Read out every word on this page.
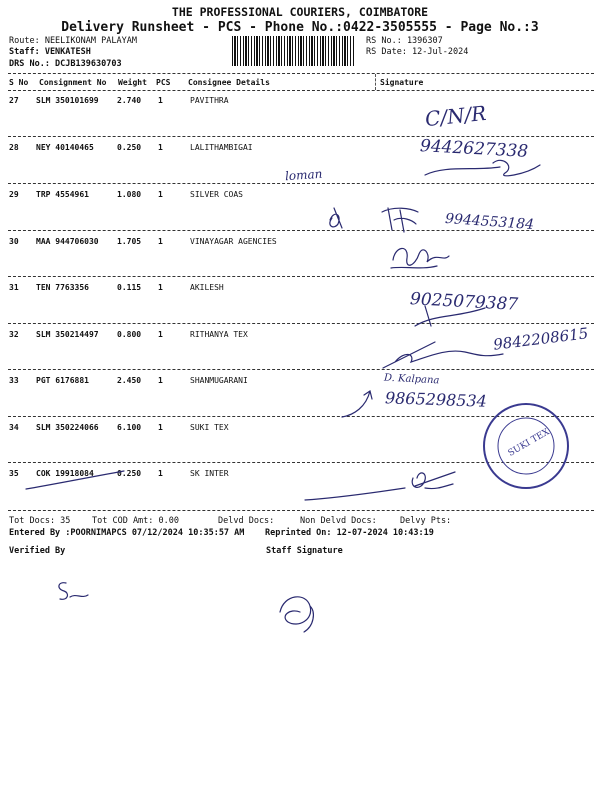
THE PROFESSIONAL COURIERS, COIMBATORE
Delivery Runsheet - PCS - Phone No.:0422-3505555 - Page No.:3
Route: NEELIKONAM PALAYAM
Staff: VENKATESH
DRS No.: DCJB139630703
RS No.: 1396307
RS Date: 12-Jul-2024
S No Consignment No Weight PCS Consignee Details	Signature
27 SLM 350101699 2.740 1	PAVITHRA
28 NEY 40140465	0.250 1	LALITHAMBIGAI
29 TRP 4554961	1.080 1	SILVER COAS
30 MAA 944706030 1.705 1	VINAYAGAR AGENCIES
31 TEN 7763356	0.115 1	AKILESH
32 SLM 350214497 0.800 1	RITHANYA TEX
33 PGT 6176881	2.450 1	SHANMUGARANI
34 SLM 350224066 6.100 1	SUKI TEX
35 COK 19918084	0.250 1	SK INTER
C/N/R
9442627338
loman
9944553184
9025079387
9842208615
D. Kalpana
9865298534
SUKI TEX
Tot Docs: 35	Tot COD Amt: 0.00	Delvd Docs:	Non Delvd Docs:	Delvy Pts:
Entered By :POORNIMAPCS 07/12/2024 10:35:57 AM Reprinted On: 12-07-2024 10:43:19
Verified By	Staff Signature
